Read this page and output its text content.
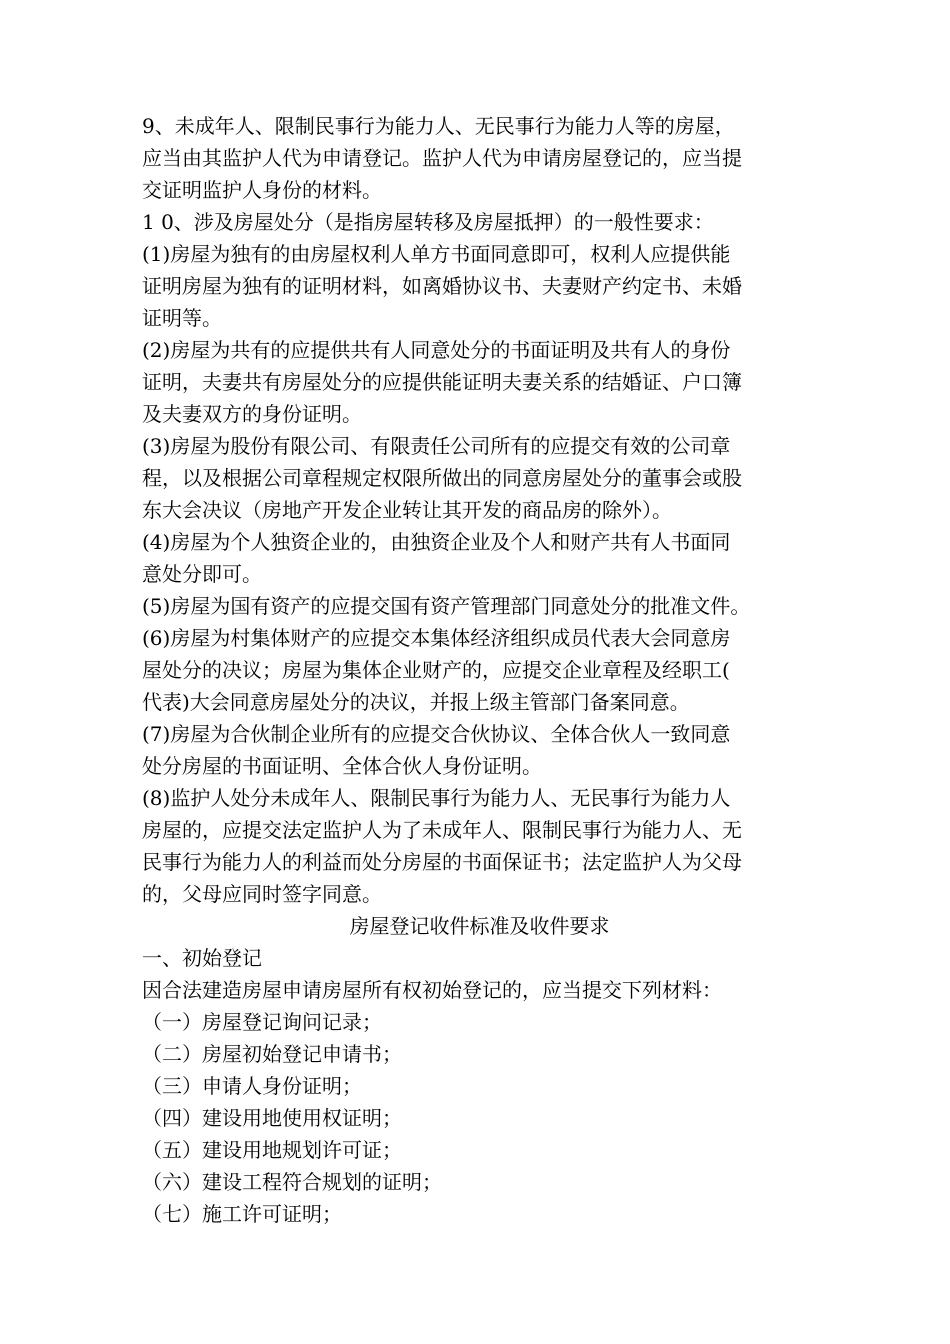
9、未成年人、限制民事行为能力人、无民事行为能力人等的房屋，
应当由其监护人代为申请登记。监护人代为申请房屋登记的，应当提
交证明监护人身份的材料。
1 0、涉及房屋处分（是指房屋转移及房屋抵押）的一般性要求：
(1)房屋为独有的由房屋权利人单方书面同意即可，权利人应提供能
证明房屋为独有的证明材料，如离婚协议书、夫妻财产约定书、未婚
证明等。
(2)房屋为共有的应提供共有人同意处分的书面证明及共有人的身份
证明，夫妻共有房屋处分的应提供能证明夫妻关系的结婚证、户口簿
及夫妻双方的身份证明。
(3)房屋为股份有限公司、有限责任公司所有的应提交有效的公司章
程，以及根据公司章程规定权限所做出的同意房屋处分的董事会或股
东大会决议（房地产开发企业转让其开发的商品房的除外）。
(4)房屋为个人独资企业的，由独资企业及个人和财产共有人书面同
意处分即可。
(5)房屋为国有资产的应提交国有资产管理部门同意处分的批准文件。
(6)房屋为村集体财产的应提交本集体经济组织成员代表大会同意房
屋处分的决议；房屋为集体企业财产的，应提交企业章程及经职工(
代表)大会同意房屋处分的决议，并报上级主管部门备案同意。
(7)房屋为合伙制企业所有的应提交合伙协议、全体合伙人一致同意
处分房屋的书面证明、全体合伙人身份证明。
(8)监护人处分未成年人、限制民事行为能力人、无民事行为能力人
房屋的，应提交法定监护人为了未成年人、限制民事行为能力人、无
民事行为能力人的利益而处分房屋的书面保证书；法定监护人为父母
的，父母应同时签字同意。
房屋登记收件标准及收件要求
一、初始登记
因合法建造房屋申请房屋所有权初始登记的，应当提交下列材料：
（一）房屋登记询问记录；
（二）房屋初始登记申请书；
（三）申请人身份证明；
（四）建设用地使用权证明；
（五）建设用地规划许可证；
（六）建设工程符合规划的证明；
（七）施工许可证明；
